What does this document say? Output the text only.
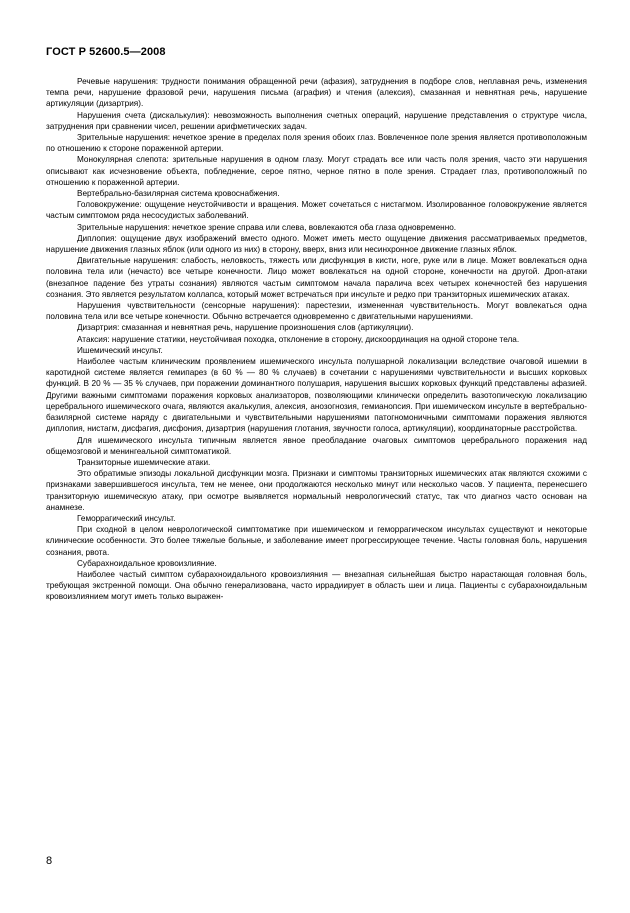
ГОСТ Р 52600.5—2008

Речевые нарушения: трудности понимания обращенной речи (афазия), затруднения в подборе слов, неплавная речь, изменения темпа речи, нарушение фразовой речи, нарушения письма (аграфия) и чтения (алексия), смазанная и невнятная речь, нарушение артикуляции (дизартрия).

Нарушения счета (дискалькулия): невозможность выполнения счетных операций, нарушение представления о структуре числа, затруднения при сравнении чисел, решении арифметических задач.

Зрительные нарушения: нечеткое зрение в пределах поля зрения обоих глаз. Вовлеченное поле зрения является противоположным по отношению к стороне пораженной артерии.

Монокулярная слепота: зрительные нарушения в одном глазу. Могут страдать все или часть поля зрения, часто эти нарушения описывают как исчезновение объекта, побледнение, серое пятно, черное пятно в поле зрения. Страдает глаз, противоположный по отношению к пораженной артерии.

Вертебрально-базилярная система кровоснабжения.

Головокружение: ощущение неустойчивости и вращения. Может сочетаться с нистагмом. Изолированное головокружение является частым симптомом ряда несосудистых заболеваний.

Зрительные нарушения: нечеткое зрение справа или слева, вовлекаются оба глаза одновременно.

Диплопия: ощущение двух изображений вместо одного. Может иметь место ощущение движения рассматриваемых предметов, нарушение движения глазных яблок (или одного из них) в сторону, вверх, вниз или несинхронное движение глазных яблок.

Двигательные нарушения: слабость, неловкость, тяжесть или дисфункция в кисти, ноге, руке или в лице. Может вовлекаться одна половина тела или (нечасто) все четыре конечности. Лицо может вовлекаться на одной стороне, конечности на другой. Дроп-атаки (внезапное падение без утраты сознания) являются частым симптомом начала паралича всех четырех конечностей без нарушения сознания. Это является результатом коллапса, который может встречаться при инсульте и редко при транзиторных ишемических атаках.

Нарушения чувствительности (сенсорные нарушения): парестезии, измененная чувствительность. Могут вовлекаться одна половина тела или все четыре конечности. Обычно встречается одновременно с двигательными нарушениями.

Дизартрия: смазанная и невнятная речь, нарушение произношения слов (артикуляции).

Атаксия: нарушение статики, неустойчивая походка, отклонение в сторону, дискоординация на одной стороне тела.

Ишемический инсульт.

Наиболее частым клиническим проявлением ишемического инсульта полушарной локализации вследствие очаговой ишемии в каротидной системе является гемипарез (в 60 % — 80 % случаев) в сочетании с нарушениями чувствительности и высших корковых функций. В 20 % — 35 % случаев, при поражении доминантного полушария, нарушения высших корковых функций представлены афазией. Другими важными симптомами поражения корковых анализаторов, позволяющими клинически определить вазотопическую локализацию церебрального ишемического очага, являются акалькулия, алексия, анозогнозия, гемианопсия. При ишемическом инсульте в вертебрально-базилярной системе наряду с двигательными и чувствительными нарушениями патогномоничными симптомами поражения являются диплопия, нистагм, дисфагия, дисфония, дизартрия (нарушения глотания, звучности голоса, артикуляции), координаторные расстройства.

Для ишемического инсульта типичным является явное преобладание очаговых симптомов церебрального поражения над общемозговой и менингеальной симптоматикой.

Транзиторные ишемические атаки.

Это обратимые эпизоды локальной дисфункции мозга. Признаки и симптомы транзиторных ишемических атак являются схожими с признаками завершившегося инсульта, тем не менее, они продолжаются несколько минут или несколько часов. У пациента, перенесшего транзиторную ишемическую атаку, при осмотре выявляется нормальный неврологический статус, так что диагноз часто основан на анамнезе.

Геморрагический инсульт.

При сходной в целом неврологической симптоматике при ишемическом и геморрагическом инсультах существуют и некоторые клинические особенности. Это более тяжелые больные, и заболевание имеет прогрессирующее течение. Часты головная боль, нарушения сознания, рвота.

Субарахноидальное кровоизлияние.

Наиболее частый симптом субарахноидального кровоизлияния — внезапная сильнейшая быстро нарастающая головная боль, требующая экстренной помощи. Она обычно генерализована, часто иррадиирует в область шеи и лица. Пациенты с субарахноидальным кровоизлиянием могут иметь только выражен-

8
